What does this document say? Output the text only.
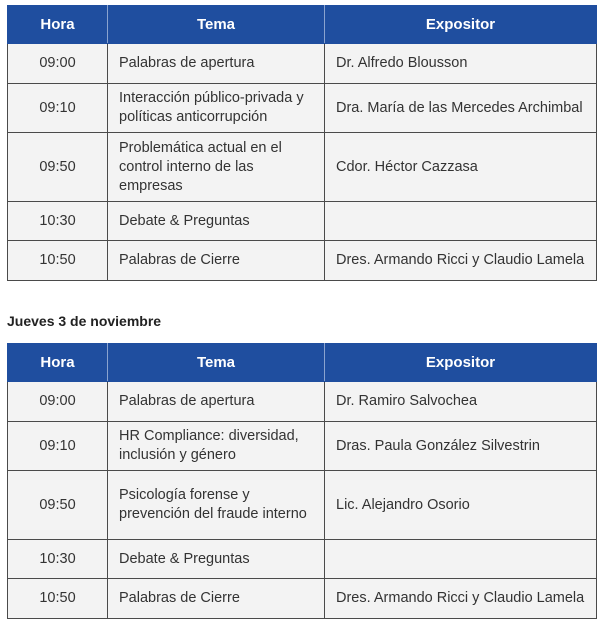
Hora	Tema	Expositor
09:00	Palabras de apertura	Dr. Alfredo Blousson
09:10	Interacción público-privada y políticas anticorrupción	Dra. María de las Mercedes Archimbal
09:50	Problemática actual en el control interno de las empresas	Cdor. Héctor Cazzasa
10:30	Debate & Preguntas	
10:50	Palabras de Cierre	Dres. Armando Ricci y Claudio Lamela
Jueves 3 de noviembre
Hora	Tema	Expositor
09:00	Palabras de apertura	Dr. Ramiro Salvochea
09:10	HR Compliance: diversidad, inclusión y género	Dras. Paula González Silvestrin
09:50	Psicología forense y prevención del fraude interno	Lic. Alejandro Osorio
10:30	Debate & Preguntas	
10:50	Palabras de Cierre	Dres. Armando Ricci y Claudio Lamela
